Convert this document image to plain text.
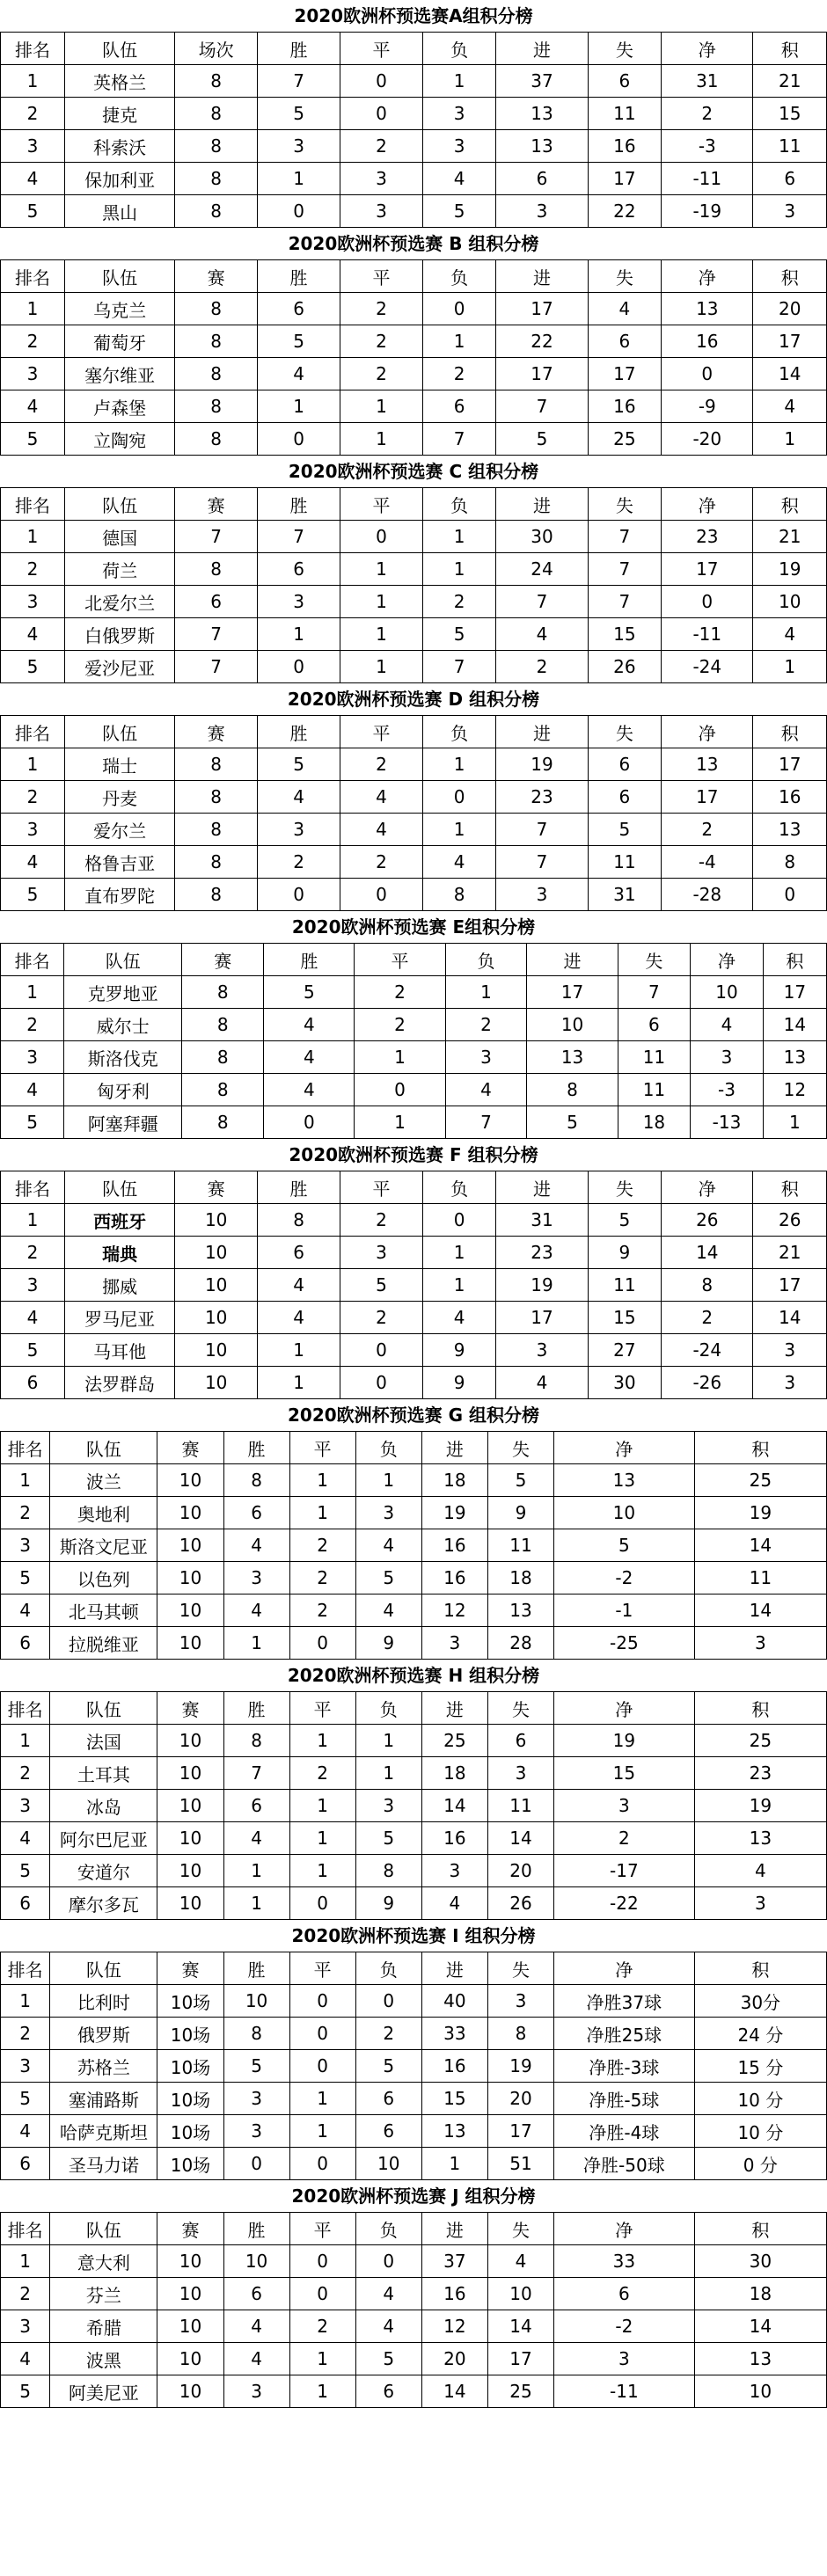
2020欧洲杯预选赛A组积分榜
排名	队伍	场次	胜	平	负	进	失	净	积
1	英格兰	8	7	0	1	37	6	31	21
2	捷克	8	5	0	3	13	11	2	15
3	科索沃	8	3	2	3	13	16	-3	11
4	保加利亚	8	1	3	4	6	17	-11	6
5	黑山	8	0	3	5	3	22	-19	3
2020欧洲杯预选赛 B 组积分榜
排名	队伍	赛	胜	平	负	进	失	净	积
1	乌克兰	8	6	2	0	17	4	13	20
2	葡萄牙	8	5	2	1	22	6	16	17
3	塞尔维亚	8	4	2	2	17	17	0	14
4	卢森堡	8	1	1	6	7	16	-9	4
5	立陶宛	8	0	1	7	5	25	-20	1
2020欧洲杯预选赛 C 组积分榜
排名	队伍	赛	胜	平	负	进	失	净	积
1	德国	7	7	0	1	30	7	23	21
2	荷兰	8	6	1	1	24	7	17	19
3	北爱尔兰	6	3	1	2	7	7	0	10
4	白俄罗斯	7	1	1	5	4	15	-11	4
5	爱沙尼亚	7	0	1	7	2	26	-24	1
2020欧洲杯预选赛 D 组积分榜
排名	队伍	赛	胜	平	负	进	失	净	积
1	瑞士	8	5	2	1	19	6	13	17
2	丹麦	8	4	4	0	23	6	17	16
3	爱尔兰	8	3	4	1	7	5	2	13
4	格鲁吉亚	8	2	2	4	7	11	-4	8
5	直布罗陀	8	0	0	8	3	31	-28	0
2020欧洲杯预选赛 E组积分榜
排名	队伍	赛	胜	平	负	进	失	净	积
1	克罗地亚	8	5	2	1	17	7	10	17
2	威尔士	8	4	2	2	10	6	4	14
3	斯洛伐克	8	4	1	3	13	11	3	13
4	匈牙利	8	4	0	4	8	11	-3	12
5	阿塞拜疆	8	0	1	7	5	18	-13	1
2020欧洲杯预选赛 F 组积分榜
排名	队伍	赛	胜	平	负	进	失	净	积
1	西班牙	10	8	2	0	31	5	26	26
2	瑞典	10	6	3	1	23	9	14	21
3	挪威	10	4	5	1	19	11	8	17
4	罗马尼亚	10	4	2	4	17	15	2	14
5	马耳他	10	1	0	9	3	27	-24	3
6	法罗群岛	10	1	0	9	4	30	-26	3
2020欧洲杯预选赛 G 组积分榜
排名	队伍	赛	胜	平	负	进	失	净	积
1	波兰	10	8	1	1	18	5	13	25
2	奥地利	10	6	1	3	19	9	10	19
3	斯洛文尼亚	10	4	2	4	16	11	5	14
5	以色列	10	3	2	5	16	18	-2	11
4	北马其顿	10	4	2	4	12	13	-1	14
6	拉脱维亚	10	1	0	9	3	28	-25	3
2020欧洲杯预选赛 H 组积分榜
排名	队伍	赛	胜	平	负	进	失	净	积
1	法国	10	8	1	1	25	6	19	25
2	土耳其	10	7	2	1	18	3	15	23
3	冰岛	10	6	1	3	14	11	3	19
4	阿尔巴尼亚	10	4	1	5	16	14	2	13
5	安道尔	10	1	1	8	3	20	-17	4
6	摩尔多瓦	10	1	0	9	4	26	-22	3
2020欧洲杯预选赛 I 组积分榜
排名	队伍	赛	胜	平	负	进	失	净	积
1	比利时	10场	10	0	0	40	3	净胜37球	30分
2	俄罗斯	10场	8	0	2	33	8	净胜25球	24 分
3	苏格兰	10场	5	0	5	16	19	净胜-3球	15 分
5	塞浦路斯	10场	3	1	6	15	20	净胜-5球	10 分
4	哈萨克斯坦	10场	3	1	6	13	17	净胜-4球	10 分
6	圣马力诺	10场	0	0	10	1	51	净胜-50球	0 分
2020欧洲杯预选赛 J 组积分榜
排名	队伍	赛	胜	平	负	进	失	净	积
1	意大利	10	10	0	0	37	4	33	30
2	芬兰	10	6	0	4	16	10	6	18
3	希腊	10	4	2	4	12	14	-2	14
4	波黑	10	4	1	5	20	17	3	13
5	阿美尼亚	10	3	1	6	14	25	-11	10
